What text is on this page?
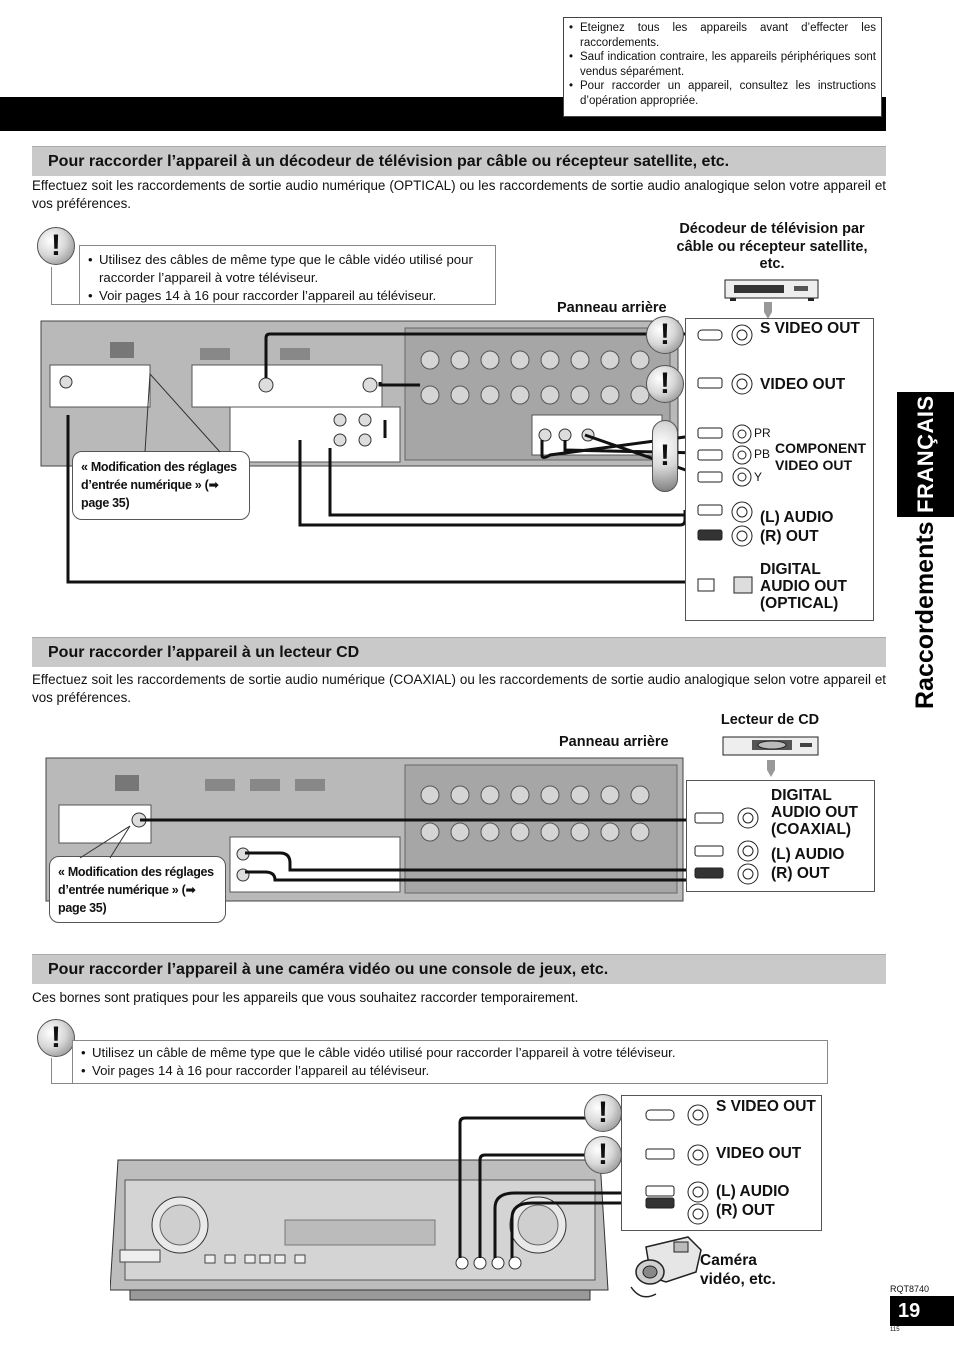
• Eteignez tous les appareils avant d’effecter les raccordements.
• Sauf indication contraire, les appareils périphériques sont vendus séparément.
• Pour raccorder un appareil, consultez les instructions d’opération appropriée.
FRANÇAIS
Raccordements
Pour raccorder l’appareil à un décodeur de télévision par câble ou récepteur satellite, etc.
Effectuez soit les raccordements de sortie audio numérique (OPTICAL) ou les raccordements de sortie audio analogique selon votre appareil et vos préférences.
!	• Utilisez des câbles de même type que le câble vidéo utilisé pour raccorder l’appareil à votre téléviseur.
• Voir pages 14 à 16 pour raccorder l’appareil au téléviseur.
Décodeur de télévision par câble ou récepteur satellite, etc.
Panneau arrière
« Modification des réglages d’entrée numérique » (➡ page 35)
!
!
!
S VIDEO OUT
VIDEO OUT
PR
PB
Y
COMPONENT VIDEO OUT
(L) AUDIO
(R) OUT
DIGITAL AUDIO OUT (OPTICAL)
Pour raccorder l’appareil à un lecteur CD
Effectuez soit les raccordements de sortie audio numérique (COAXIAL) ou les raccordements de sortie audio analogique selon votre appareil et vos préférences.
Lecteur de CD
Panneau arrière
« Modification des réglages d’entrée numérique » (➡ page 35)
DIGITAL AUDIO OUT (COAXIAL)
(L) AUDIO
(R) OUT
Pour raccorder l’appareil à une caméra vidéo ou une console de jeux, etc.
Ces bornes sont pratiques pour les appareils que vous souhaitez raccorder temporairement.
!	• Utilisez un câble de même type que le câble vidéo utilisé pour raccorder l’appareil à votre téléviseur.
• Voir pages 14 à 16 pour raccorder l’appareil au téléviseur.
!
!
S VIDEO OUT
VIDEO OUT
(L) AUDIO
(R) OUT
Caméra vidéo, etc.
RQT8740
19
115
